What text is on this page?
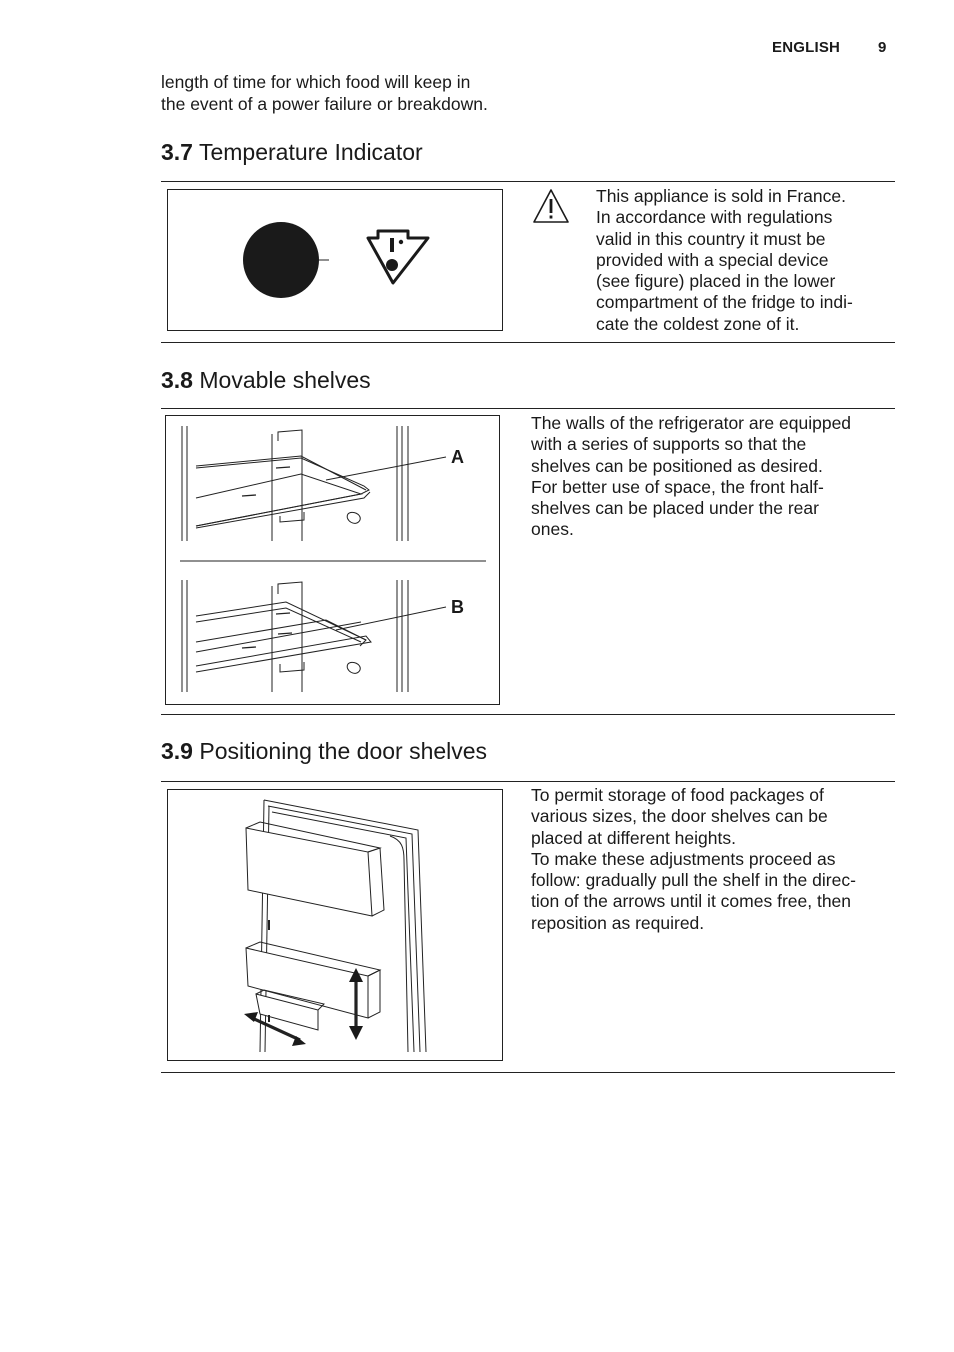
ENGLISH	9
length of time for which food will keep in
the event of a power failure or breakdown.
3.7 Temperature Indicator
This appliance is sold in France.
In accordance with regulations
valid in this country it must be
provided with a special device
(see figure) placed in the lower
compartment of the fridge to indi-
cate the coldest zone of it.
3.8 Movable shelves
A
B
The walls of the refrigerator are equipped
with a series of supports so that the
shelves can be positioned as desired.
For better use of space, the front half-
shelves can be placed under the rear
ones.
3.9 Positioning the door shelves
To permit storage of food packages of
various sizes, the door shelves can be
placed at different heights.
To make these adjustments proceed as
follow: gradually pull the shelf in the direc-
tion of the arrows until it comes free, then
reposition as required.
